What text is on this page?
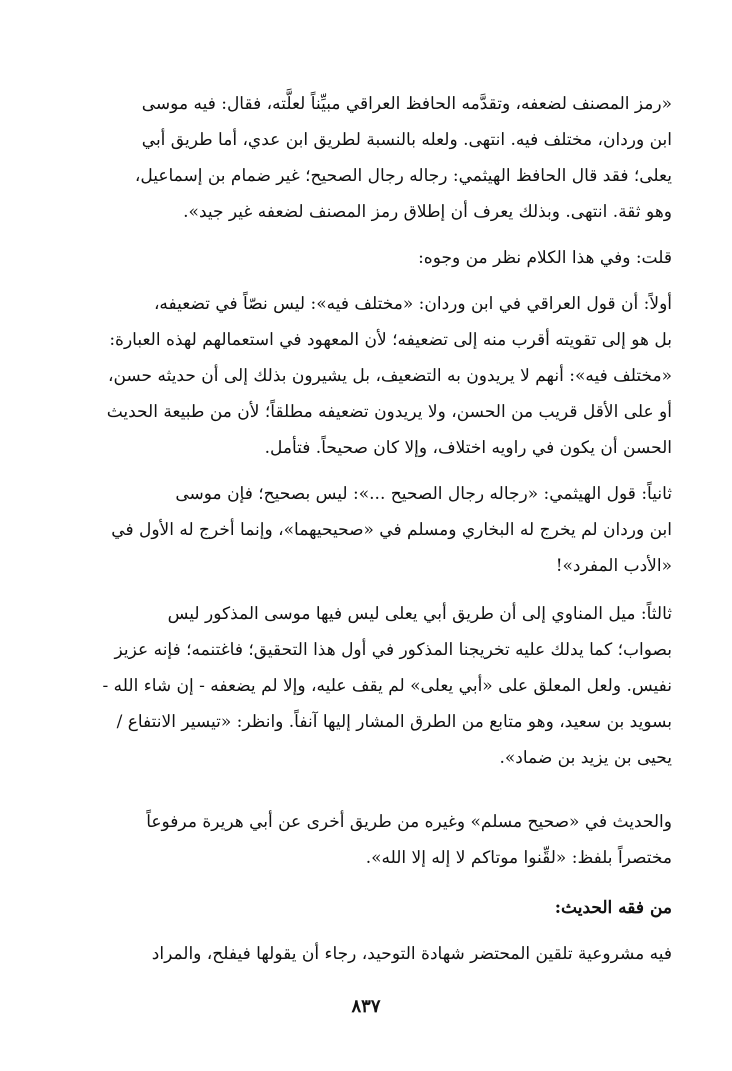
«رمز المصنف لضعفه، وتقدَّمه الحافظ العراقي مبيِّناً لعلَّته، فقال: فيه موسى
ابن وردان، مختلف فيه. انتهى. ولعله بالنسبة لطريق ابن عدي، أما طريق أبي
يعلى؛ فقد قال الحافظ الهيثمي: رجاله رجال الصحيح؛ غير ضمام بن إسماعيل،
وهو ثقة. انتهى. وبذلك يعرف أن إطلاق رمز المصنف لضعفه غير جيد».
قلت: وفي هذا الكلام نظر من وجوه:
أولاً: أن قول العراقي في ابن وردان: «مختلف فيه»: ليس نصّاً في تضعيفه،
بل هو إلى تقويته أقرب منه إلى تضعيفه؛ لأن المعهود في استعمالهم لهذه العبارة:
«مختلف فيه»: أنهم لا يريدون به التضعيف، بل يشيرون بذلك إلى أن حديثه حسن،
أو على الأقل قريب من الحسن، ولا يريدون تضعيفه مطلقاً؛ لأن من طبيعة الحديث
الحسن أن يكون في راويه اختلاف، وإلا كان صحيحاً. فتأمل.
ثانياً: قول الهيثمي: «رجاله رجال الصحيح ...»: ليس بصحيح؛ فإن موسى
ابن وردان لم يخرج له البخاري ومسلم في «صحيحيهما»، وإنما أخرج له الأول في
«الأدب المفرد»!
ثالثاً: ميل المناوي إلى أن طريق أبي يعلى ليس فيها موسى المذكور ليس
بصواب؛ كما يدلك عليه تخريجنا المذكور في أول هذا التحقيق؛ فاغتنمه؛ فإنه عزيز
نفيس. ولعل المعلق على «أبي يعلى» لم يقف عليه، وإلا لم يضعفه - إن شاء الله -
بسويد بن سعيد، وهو متابع من الطرق المشار إليها آنفاً. وانظر: «تيسير الانتفاع /
يحيى بن يزيد بن ضماد».
والحديث في «صحيح مسلم» وغيره من طريق أخرى عن أبي هريرة مرفوعاً
مختصراً بلفظ: «لقِّنوا موتاكم لا إله إلا الله».
من فقه الحديث:
فيه مشروعية تلقين المحتضر شهادة التوحيد، رجاء أن يقولها فيفلح، والمراد
٨٣٧
